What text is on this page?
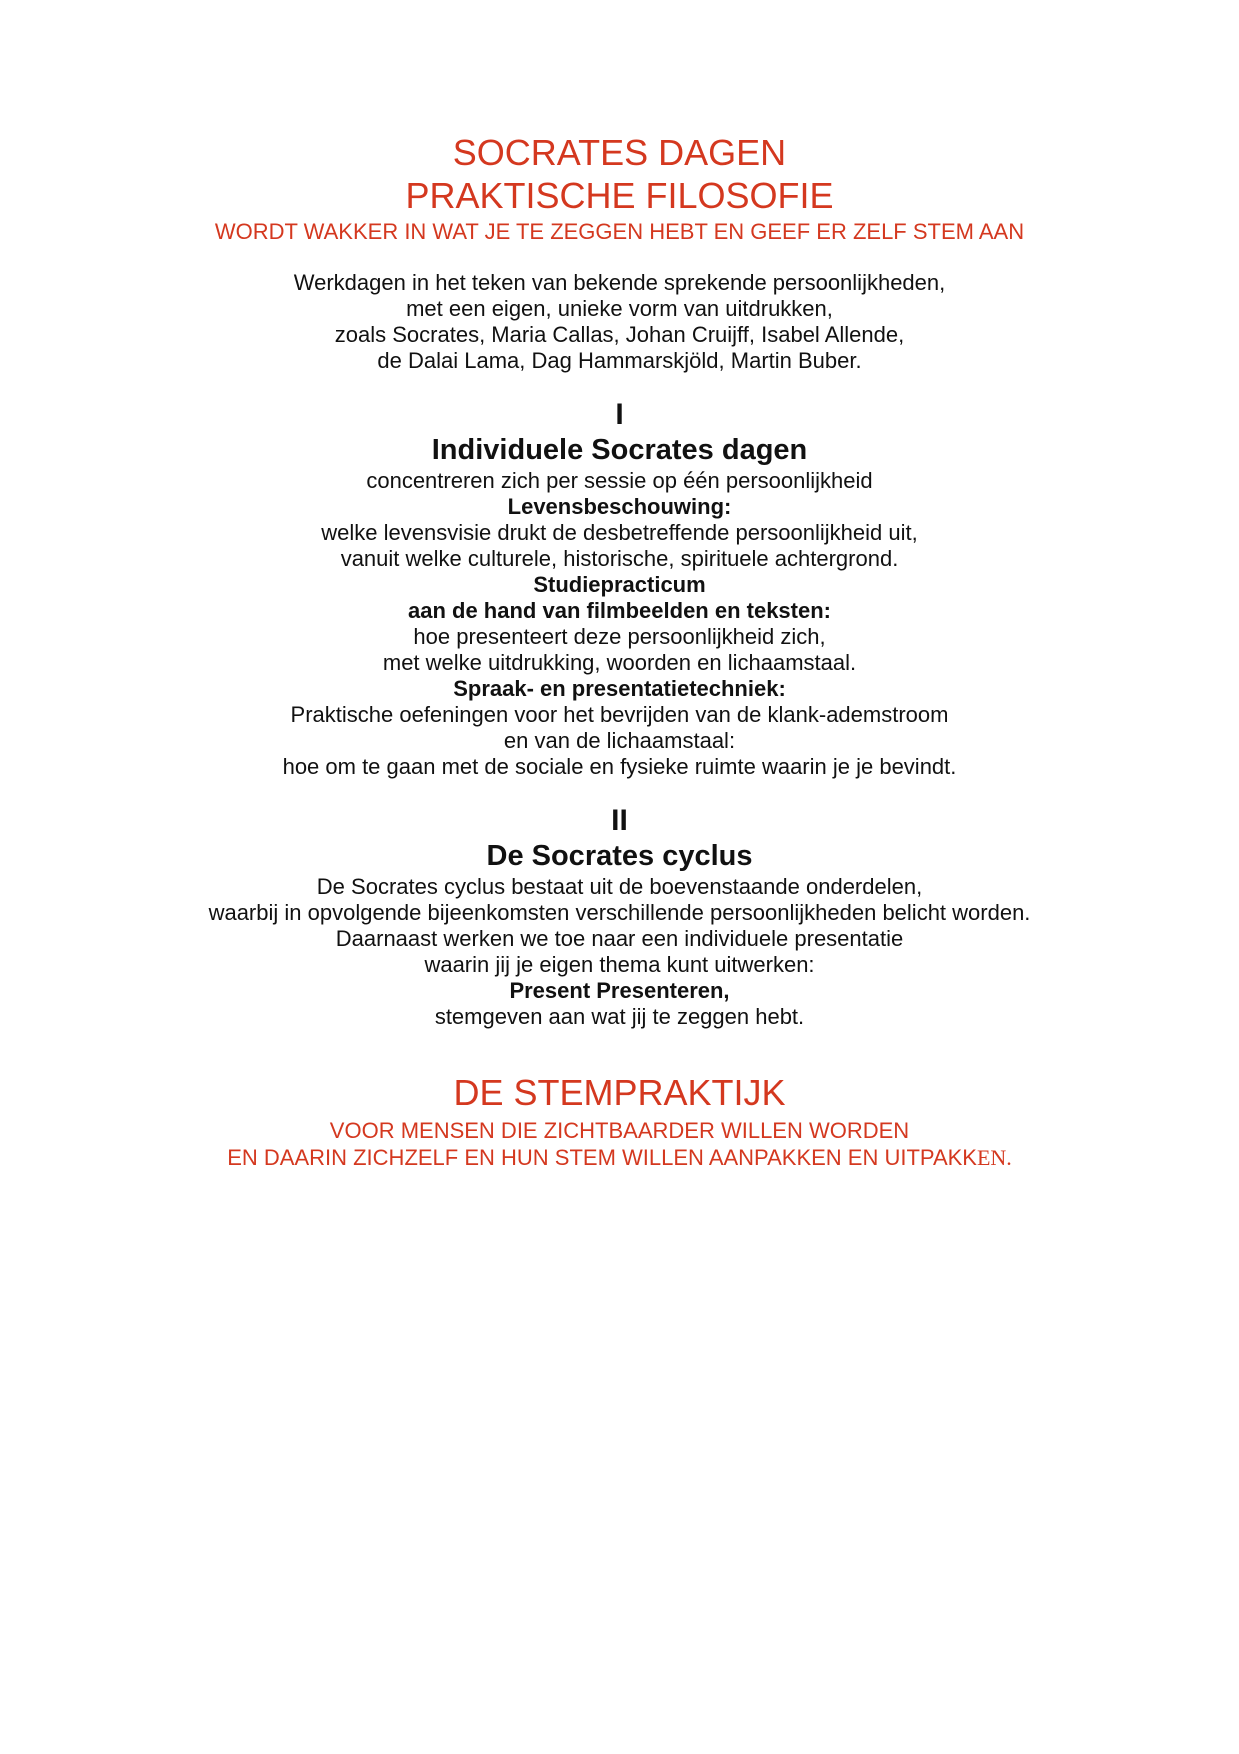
SOCRATES DAGEN
PRAKTISCHE FILOSOFIE
WORDT WAKKER IN WAT JE TE ZEGGEN HEBT EN GEEF ER ZELF STEM AAN
Werkdagen in het teken van bekende sprekende persoonlijkheden,
met een eigen, unieke vorm van uitdrukken,
zoals Socrates, Maria Callas, Johan Cruijff, Isabel Allende,
de Dalai Lama, Dag Hammarskjöld, Martin Buber.
I
Individuele Socrates dagen
concentreren zich per sessie op één persoonlijkheid
Levensbeschouwing:
welke levensvisie drukt de desbetreffende persoonlijkheid uit,
vanuit welke culturele, historische, spirituele achtergrond.
Studiepracticum
aan de hand van filmbeelden en teksten:
hoe presenteert deze persoonlijkheid zich,
met welke uitdrukking, woorden en lichaamstaal.
Spraak- en presentatietechniek:
Praktische oefeningen voor het bevrijden van de klank-ademstroom
en van de lichaamstaal:
hoe om te gaan met de sociale en fysieke ruimte waarin je je bevindt.
II
De Socrates cyclus
De Socrates cyclus bestaat uit de boevenstaande onderdelen,
waarbij in opvolgende bijeenkomsten verschillende persoonlijkheden belicht worden.
Daarnaast werken we toe naar een individuele presentatie
waarin jij je eigen thema kunt uitwerken:
Present Presenteren,
stemgeven aan wat jij te zeggen hebt.
DE STEMPRAKTIJK
VOOR MENSEN DIE ZICHTBAARDER WILLEN WORDEN
EN DAARIN ZICHZELF EN HUN STEM WILLEN AANPAKKEN EN UITPAKKEN.
